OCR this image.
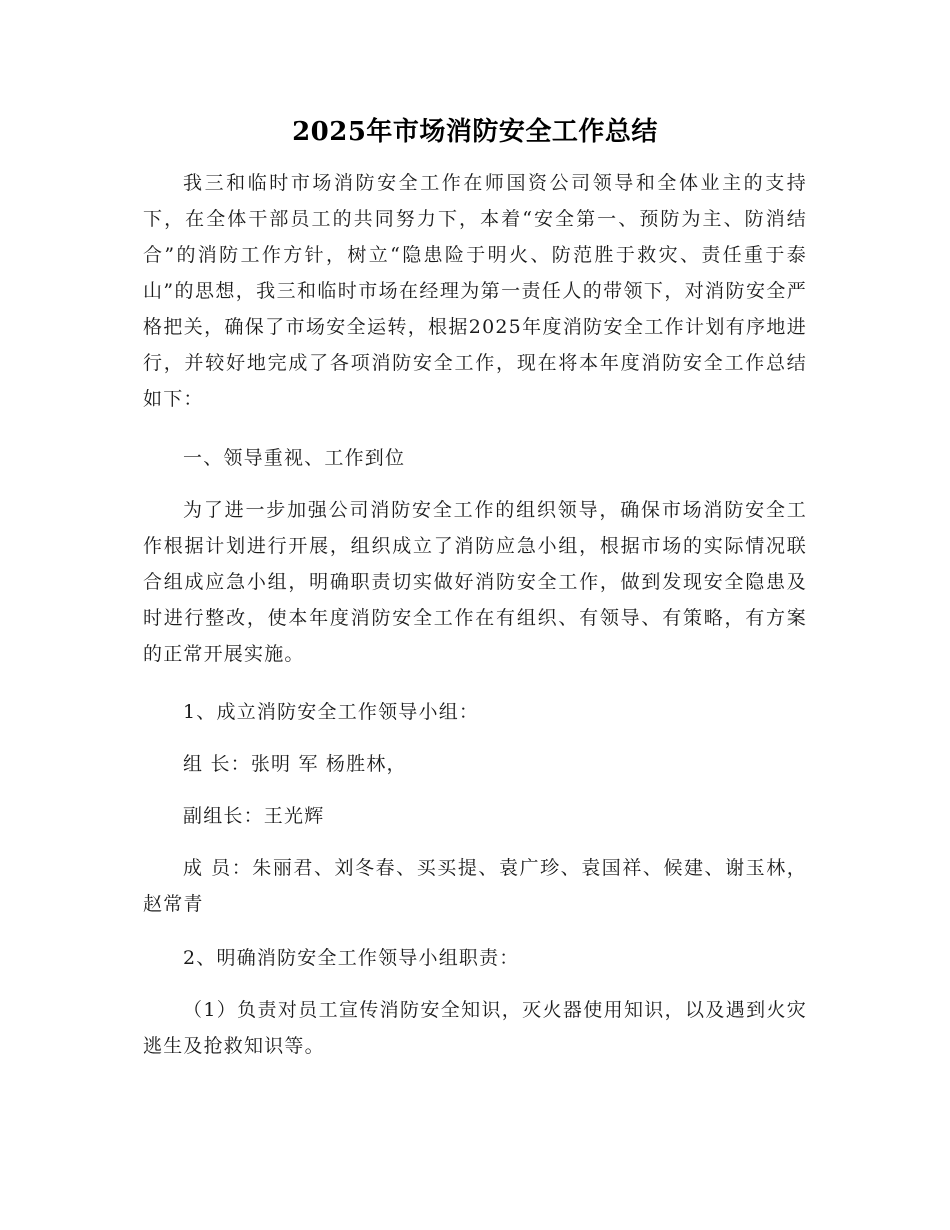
2025年市场消防安全工作总结
我三和临时市场消防安全工作在师国资公司领导和全体业主的支持下，在全体干部员工的共同努力下，本着“安全第一、预防为主、防消结合”的消防工作方针，树立“隐患险于明火、防范胜于救灾、责任重于泰山”的思想，我三和临时市场在经理为第一责任人的带领下，对消防安全严格把关，确保了市场安全运转，根据2025年度消防安全工作计划有序地进行，并较好地完成了各项消防安全工作，现在将本年度消防安全工作总结如下：
一、领导重视、工作到位
为了进一步加强公司消防安全工作的组织领导，确保市场消防安全工作根据计划进行开展，组织成立了消防应急小组，根据市场的实际情况联合组成应急小组，明确职责切实做好消防安全工作，做到发现安全隐患及时进行整改，使本年度消防安全工作在有组织、有领导、有策略，有方案的正常开展实施。
1、成立消防安全工作领导小组：
组 长：张明 军 杨胜林，
副组长：王光辉
成 员：朱丽君、刘冬春、买买提、袁广珍、袁国祥、候建、谢玉林，赵常青
2、明确消防安全工作领导小组职责：
（1）负责对员工宣传消防安全知识，灭火器使用知识，以及遇到火灾逃生及抢救知识等。
